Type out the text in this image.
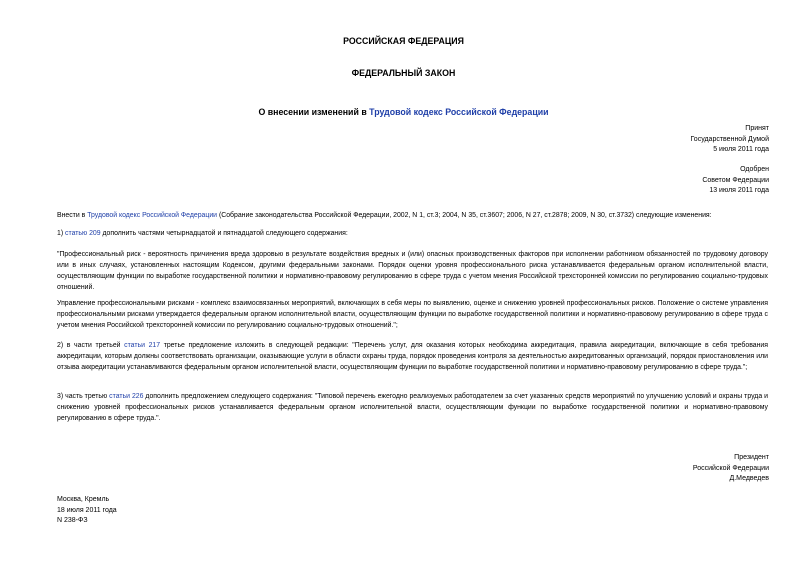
РОССИЙСКАЯ ФЕДЕРАЦИЯ
ФЕДЕРАЛЬНЫЙ ЗАКОН
О внесении изменений в Трудовой кодекс Российской Федерации
Принят
Государственной Думой
5 июля 2011 года
Одобрен
Советом Федерации
13 июля 2011 года
Внести в Трудовой кодекс Российской Федерации (Собрание законодательства Российской Федерации, 2002, N 1, ст.3; 2004, N 35, ст.3607; 2006, N 27, ст.2878; 2009, N 30, ст.3732) следующие изменения:
1) статью 209 дополнить частями четырнадцатой и пятнадцатой следующего содержания:
"Профессиональный риск - вероятность причинения вреда здоровью в результате воздействия вредных и (или) опасных производственных факторов при исполнении работником обязанностей по трудовому договору или в иных случаях, установленных настоящим Кодексом, другими федеральными законами. Порядок оценки уровня профессионального риска устанавливается федеральным органом исполнительной власти, осуществляющим функции по выработке государственной политики и нормативно-правовому регулированию в сфере труда с учетом мнения Российской трехсторонней комиссии по регулированию социально-трудовых отношений.
Управление профессиональными рисками - комплекс взаимосвязанных мероприятий, включающих в себя меры по выявлению, оценке и снижению уровней профессиональных рисков. Положение о системе управления профессиональными рисками утверждается федеральным органом исполнительной власти, осуществляющим функции по выработке государственной политики и нормативно-правовому регулированию в сфере труда с учетом мнения Российской трехсторонней комиссии по регулированию социально-трудовых отношений.";
2) в части третьей статьи 217 третье предложение изложить в следующей редакции: "Перечень услуг, для оказания которых необходима аккредитация, правила аккредитации, включающие в себя требования аккредитации, которым должны соответствовать организации, оказывающие услуги в области охраны труда, порядок проведения контроля за деятельностью аккредитованных организаций, порядок приостановления или отзыва аккредитации устанавливаются федеральным органом исполнительной власти, осуществляющим функции по выработке государственной политики и нормативно-правовому регулированию в сфере труда.";
3) часть третью статьи 226 дополнить предложением следующего содержания: "Типовой перечень ежегодно реализуемых работодателем за счет указанных средств мероприятий по улучшению условий и охраны труда и снижению уровней профессиональных рисков устанавливается федеральным органом исполнительной власти, осуществляющим функции по выработке государственной политики и нормативно-правовому регулированию в сфере труда.".
Президент
Российской Федерации
Д.Медведев
Москва, Кремль
18 июля 2011 года
N 238-ФЗ
